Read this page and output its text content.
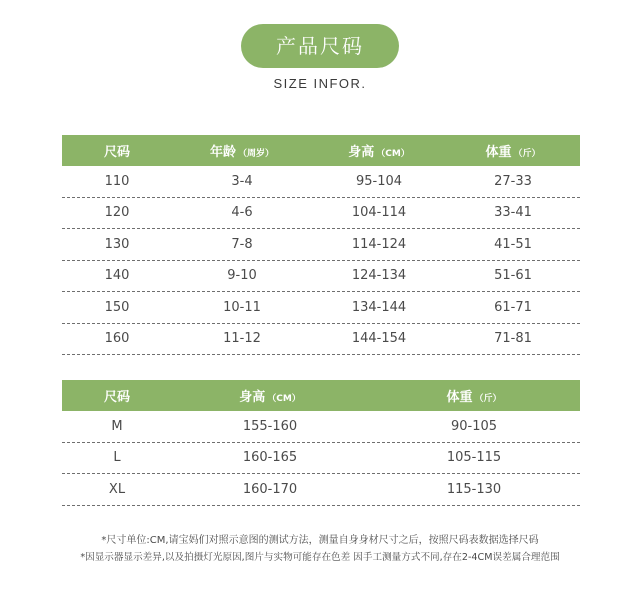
产品尺码
SIZE INFOR.
尺码	年龄 （周岁）	身高 （CM）	体重 （斤）
110	3-4	95-104	27-33
120	4-6	104-114	33-41
130	7-8	114-124	41-51
140	9-10	124-134	51-61
150	10-11	134-144	61-71
160	11-12	144-154	71-81
尺码	身高 （CM）	体重 （斤）
M	155-160	90-105
L	160-165	105-115
XL	160-170	115-130
*尺寸单位:CM,请宝妈们对照示意图的测试方法，测量自身身材尺寸之后，按照尺码表数据选择尺码
*因显示器显示差异,以及拍摄灯光原因,图片与实物可能存在色差 因手工测量方式不同,存在2-4CM误差属合理范围
